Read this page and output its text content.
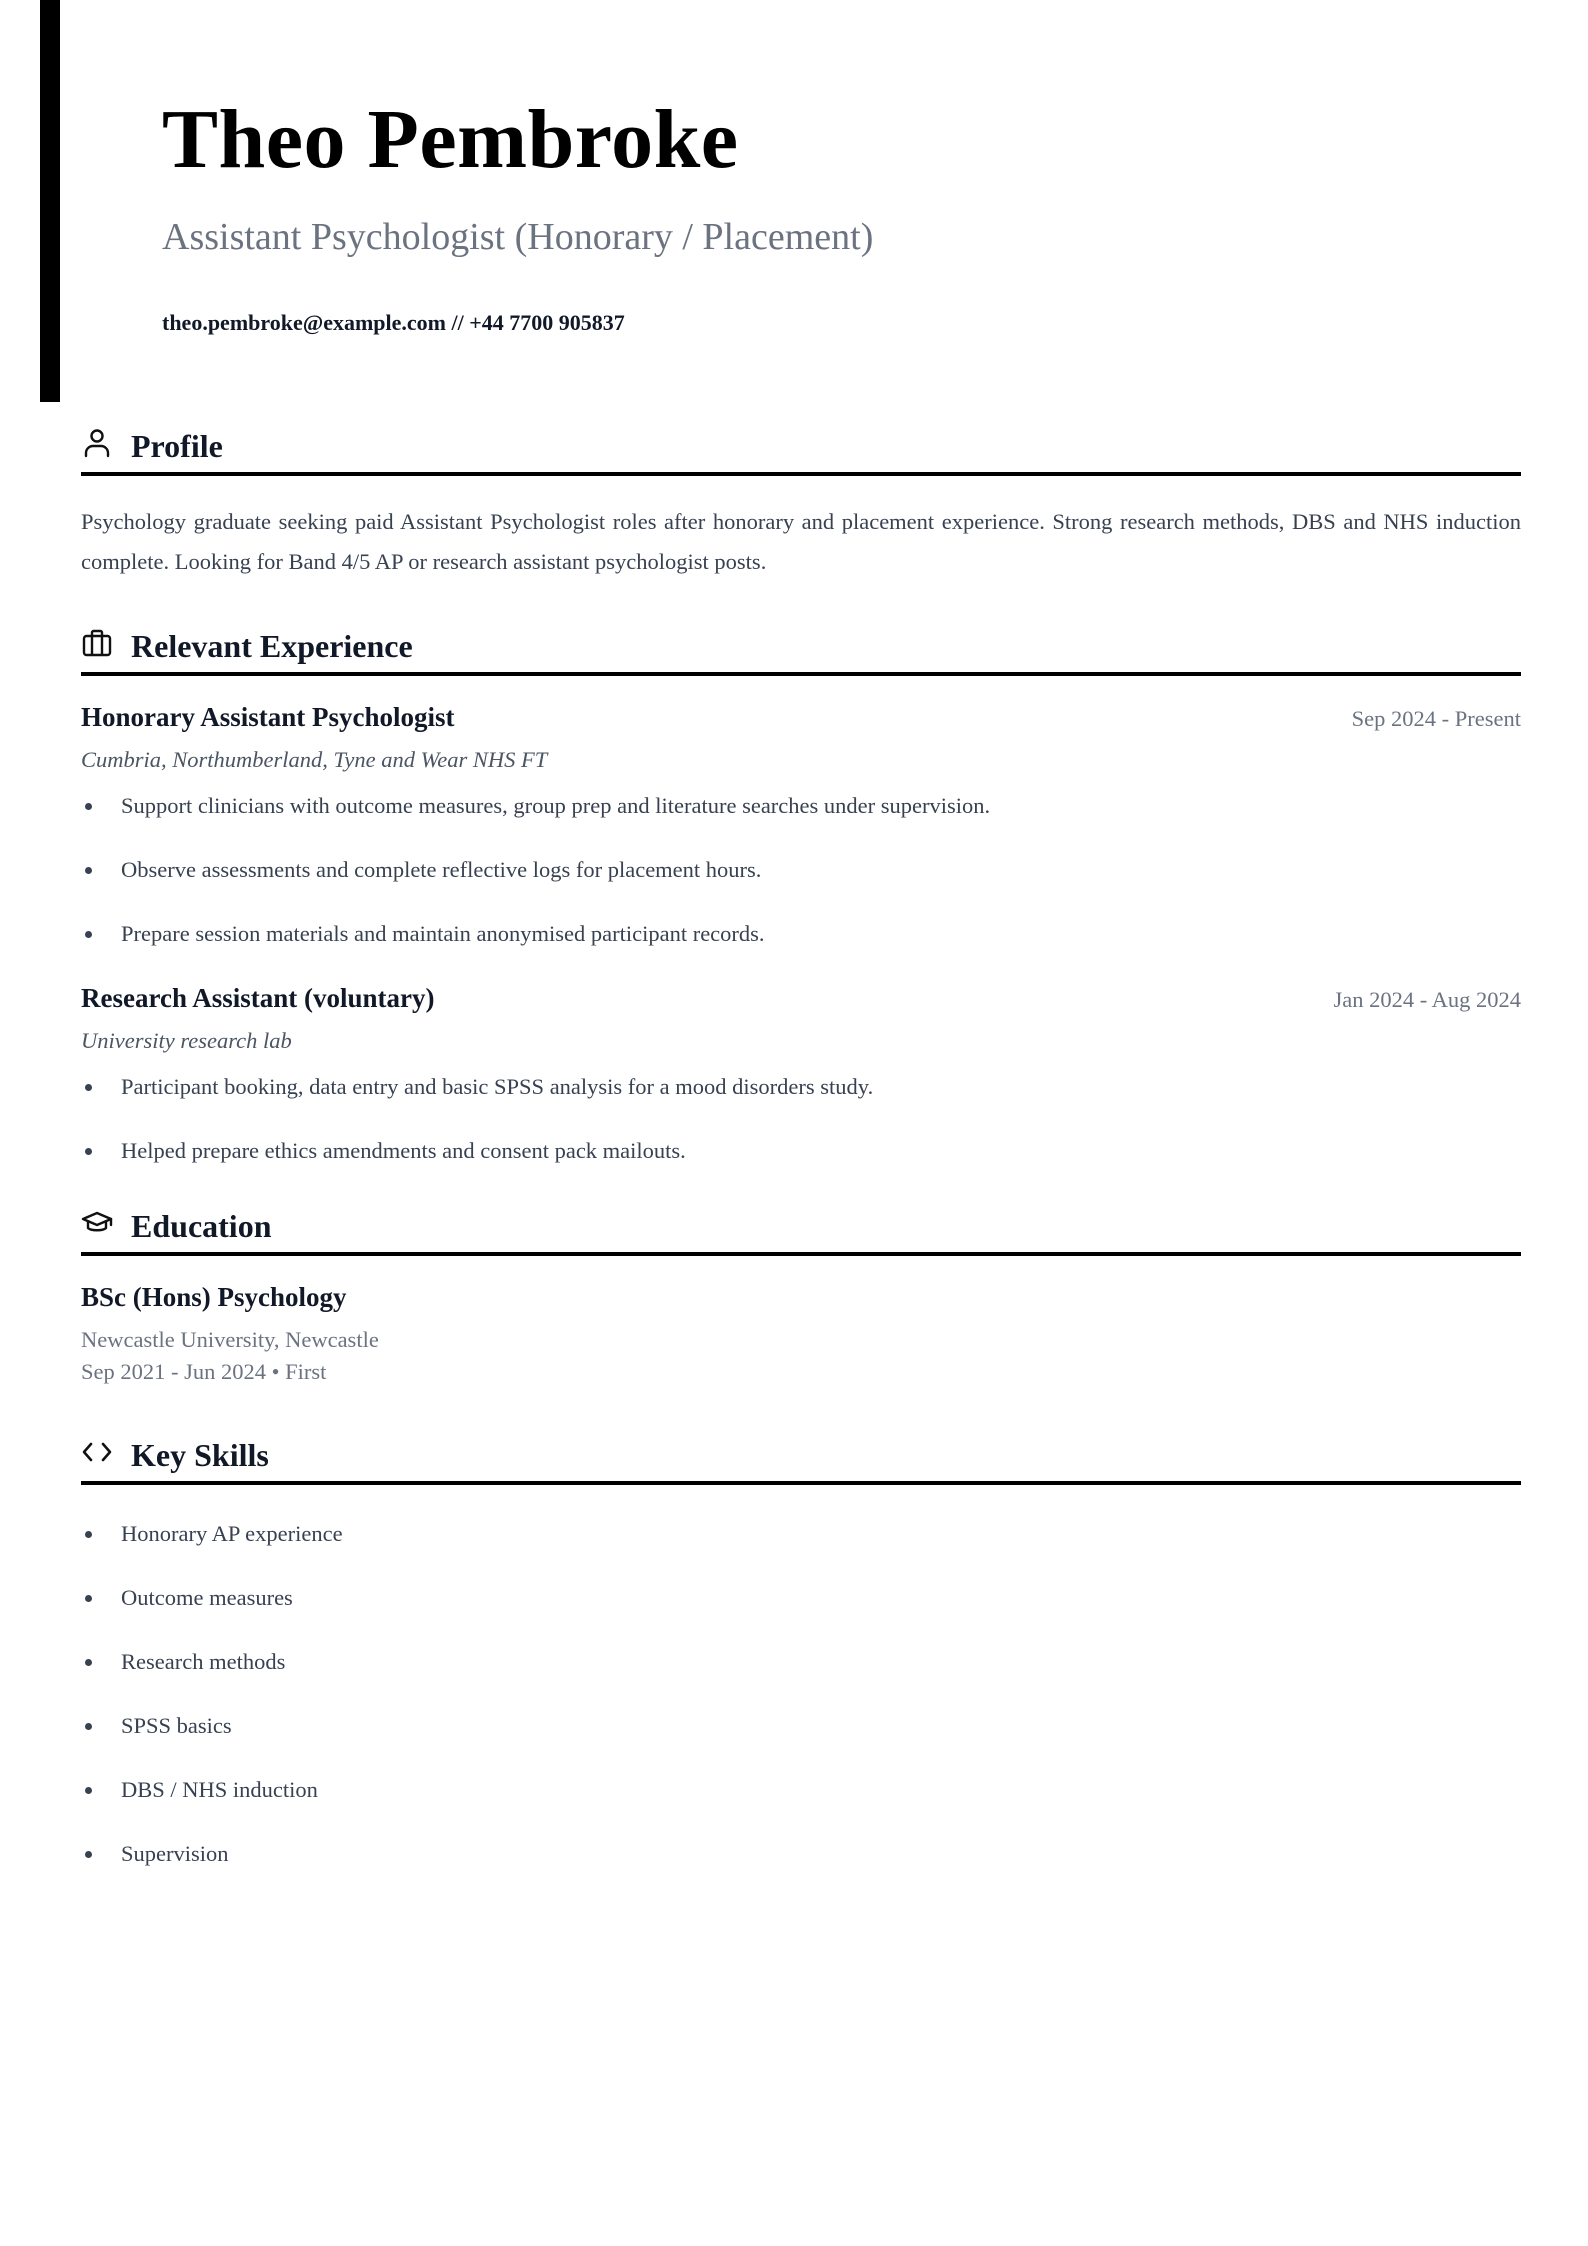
Theo Pembroke
Assistant Psychologist (Honorary / Placement)
theo.pembroke@example.com // +44 7700 905837
Profile

Psychology graduate seeking paid Assistant Psychologist roles after honorary and placement experience. Strong research methods, DBS and NHS induction complete. Looking for Band 4/5 AP or research assistant psychologist posts.

Relevant Experience
Honorary Assistant Psychologist	Sep 2024 - Present
Cumbria, Northumberland, Tyne and Wear NHS FT
Support clinicians with outcome measures, group prep and literature searches under supervision.
Observe assessments and complete reflective logs for placement hours.
Prepare session materials and maintain anonymised participant records.
Research Assistant (voluntary)	Jan 2024 - Aug 2024
University research lab
Participant booking, data entry and basic SPSS analysis for a mood disorders study.
Helped prepare ethics amendments and consent pack mailouts.
Education
BSc (Hons) Psychology
Newcastle University, Newcastle
Sep 2021 - Jun 2024 • First
Key Skills
Honorary AP experience
Outcome measures
Research methods
SPSS basics
DBS / NHS induction
Supervision
